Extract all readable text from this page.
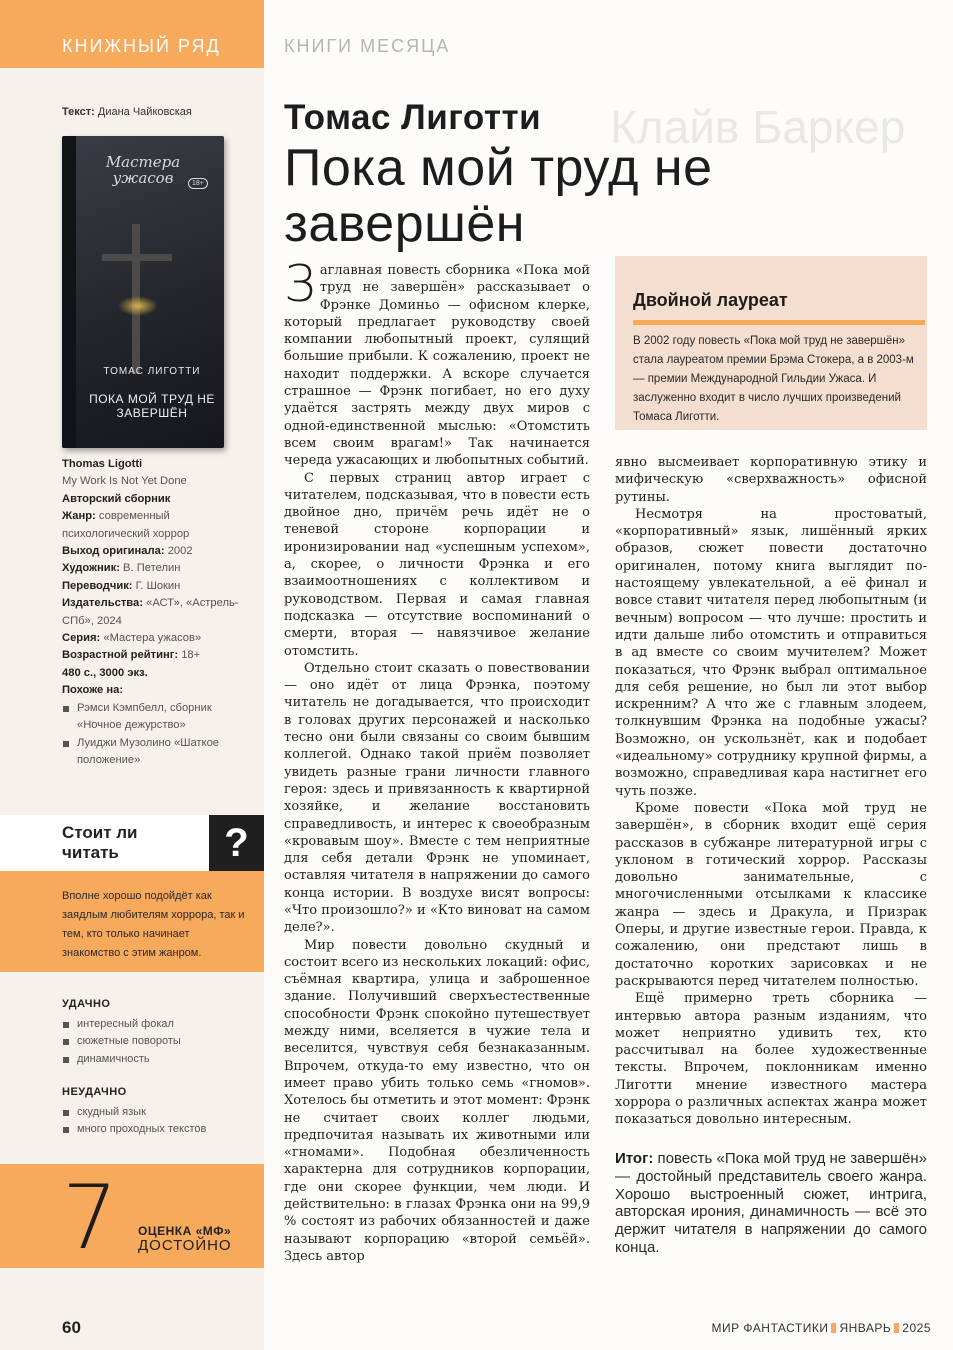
КНИЖНЫЙ РЯД	КНИГИ МЕСЯЦА
Текст: Диана Чайковская
Мастера ужасов	18+
ТОМАС ЛИГОТТИ
ПОКА МОЙ ТРУД НЕ ЗАВЕРШЁН
Thomas Ligotti
My Work Is Not Yet Done
Авторский сборник
Жанр: современный психологический хоррор
Выход оригинала: 2002
Художник: В. Петелин
Переводчик: Г. Шокин
Издательства: «АСТ», «Астрель-СПб», 2024
Серия: «Мастера ужасов»
Возрастной рейтинг: 18+
480 с., 3000 экз.
Похоже на:
Рэмси Кэмпбелл, сборник «Ночное дежурство»
Луиджи Музолино «Шаткое положение»
Стоит ли читать	?

Вполне хорошо подойдёт как заядлым любителям хоррора, так и тем, кто только начинает знакомство с этим жанром.

УДАЧНО
интересный фокал
сюжетные повороты
динамичность
НЕУДАЧНО
скудный язык
много проходных текстов
7 ОЦЕНКА «МФ»
ДОСТОЙНО
60
Клайв Баркер
Томас Лиготти
Пока мой труд не завершён

Заглавная повесть сборника «Пока мой труд не завершён» рассказывает о Фрэнке Доминьо — офисном клерке, который предлагает руководству своей компании любопытный проект, сулящий большие прибыли. К сожалению, проект не находит поддержки. А вскоре случается страшное — Фрэнк погибает, но его духу удаётся застрять между двух миров с одной-единственной мыслью: «Отомстить всем своим врагам!» Так начинается череда ужасающих и любопытных событий.

С первых страниц автор играет с читателем, подсказывая, что в повести есть двойное дно, причём речь идёт не о теневой стороне корпорации и иронизировании над «успешным успехом», а, скорее, о личности Фрэнка и его взаимоотношениях с коллективом и руководством. Первая и самая главная подсказка — отсутствие воспоминаний о смерти, вторая — навязчивое желание отомстить.

Отдельно стоит сказать о повествовании — оно идёт от лица Фрэнка, поэтому читатель не догадывается, что происходит в головах других персонажей и насколько тесно они были связаны со своим бывшим коллегой. Однако такой приём позволяет увидеть разные грани личности главного героя: здесь и привязанность к квартирной хозяйке, и желание восстановить справедливость, и интерес к своеобразным «кровавым шоу». Вместе с тем неприятные для себя детали Фрэнк не упоминает, оставляя читателя в напряжении до самого конца истории. В воздухе висят вопросы: «Что произошло?» и «Кто виноват на самом деле?».

Мир повести довольно скудный и состоит всего из нескольких локаций: офис, съёмная квартира, улица и заброшенное здание. Получивший сверхъестественные способности Фрэнк спокойно путешествует между ними, вселяется в чужие тела и веселится, чувствуя себя безнаказанным. Впрочем, откуда-то ему известно, что он имеет право убить только семь «гномов». Хотелось бы отметить и этот момент: Фрэнк не считает своих коллег людьми, предпочитая называть их животными или «гномами». Подобная обезличенность характерна для сотрудников корпорации, где они скорее функции, чем люди. И действительно: в глазах Фрэнка они на 99,9 % состоят из рабочих обязанностей и даже называют корпорацию «второй семьёй». Здесь автор

Двойной лауреат

В 2002 году повесть «Пока мой труд не завершён» стала лауреатом премии Брэма Стокера, а в 2003-м — премии Международной Гильдии Ужаса. И заслуженно входит в число лучших произведений Томаса Лиготти.

явно высмеивает корпоративную этику и мифическую «сверхважность» офисной рутины.

Несмотря на простоватый, «корпоративный» язык, лишённый ярких образов, сюжет повести достаточно оригинален, потому книга выглядит по-настоящему увлекательной, а её финал и вовсе ставит читателя перед любопытным (и вечным) вопросом — что лучше: простить и идти дальше либо отомстить и отправиться в ад вместе со своим мучителем? Может показаться, что Фрэнк выбрал оптимальное для себя решение, но был ли этот выбор искренним? А что же с главным злодеем, толкнувшим Фрэнка на подобные ужасы? Возможно, он ускользнёт, как и подобает «идеальному» сотруднику крупной фирмы, а возможно, справедливая кара настигнет его чуть позже.

Кроме повести «Пока мой труд не завершён», в сборник входит ещё серия рассказов в субжанре литературной игры с уклоном в готический хоррор. Рассказы довольно занимательные, с многочисленными отсылками к классике жанра — здесь и Дракула, и Призрак Оперы, и другие известные герои. Правда, к сожалению, они предстают лишь в достаточно коротких зарисовках и не раскрываются перед читателем полностью.

Ещё примерно треть сборника — интервью автора разным изданиям, что может неприятно удивить тех, кто рассчитывал на более художественные тексты. Впрочем, поклонникам именно Лиготти мнение известного мастера хоррора о различных аспектах жанра может показаться довольно интересным.

Итог: повесть «Пока мой труд не завершён» — достойный представитель своего жанра. Хорошо выстроенный сюжет, интрига, авторская ирония, динамичность — всё это держит читателя в напряжении до самого конца.
МИР ФАНТАСТИКИ ЯНВАРЬ 2025
